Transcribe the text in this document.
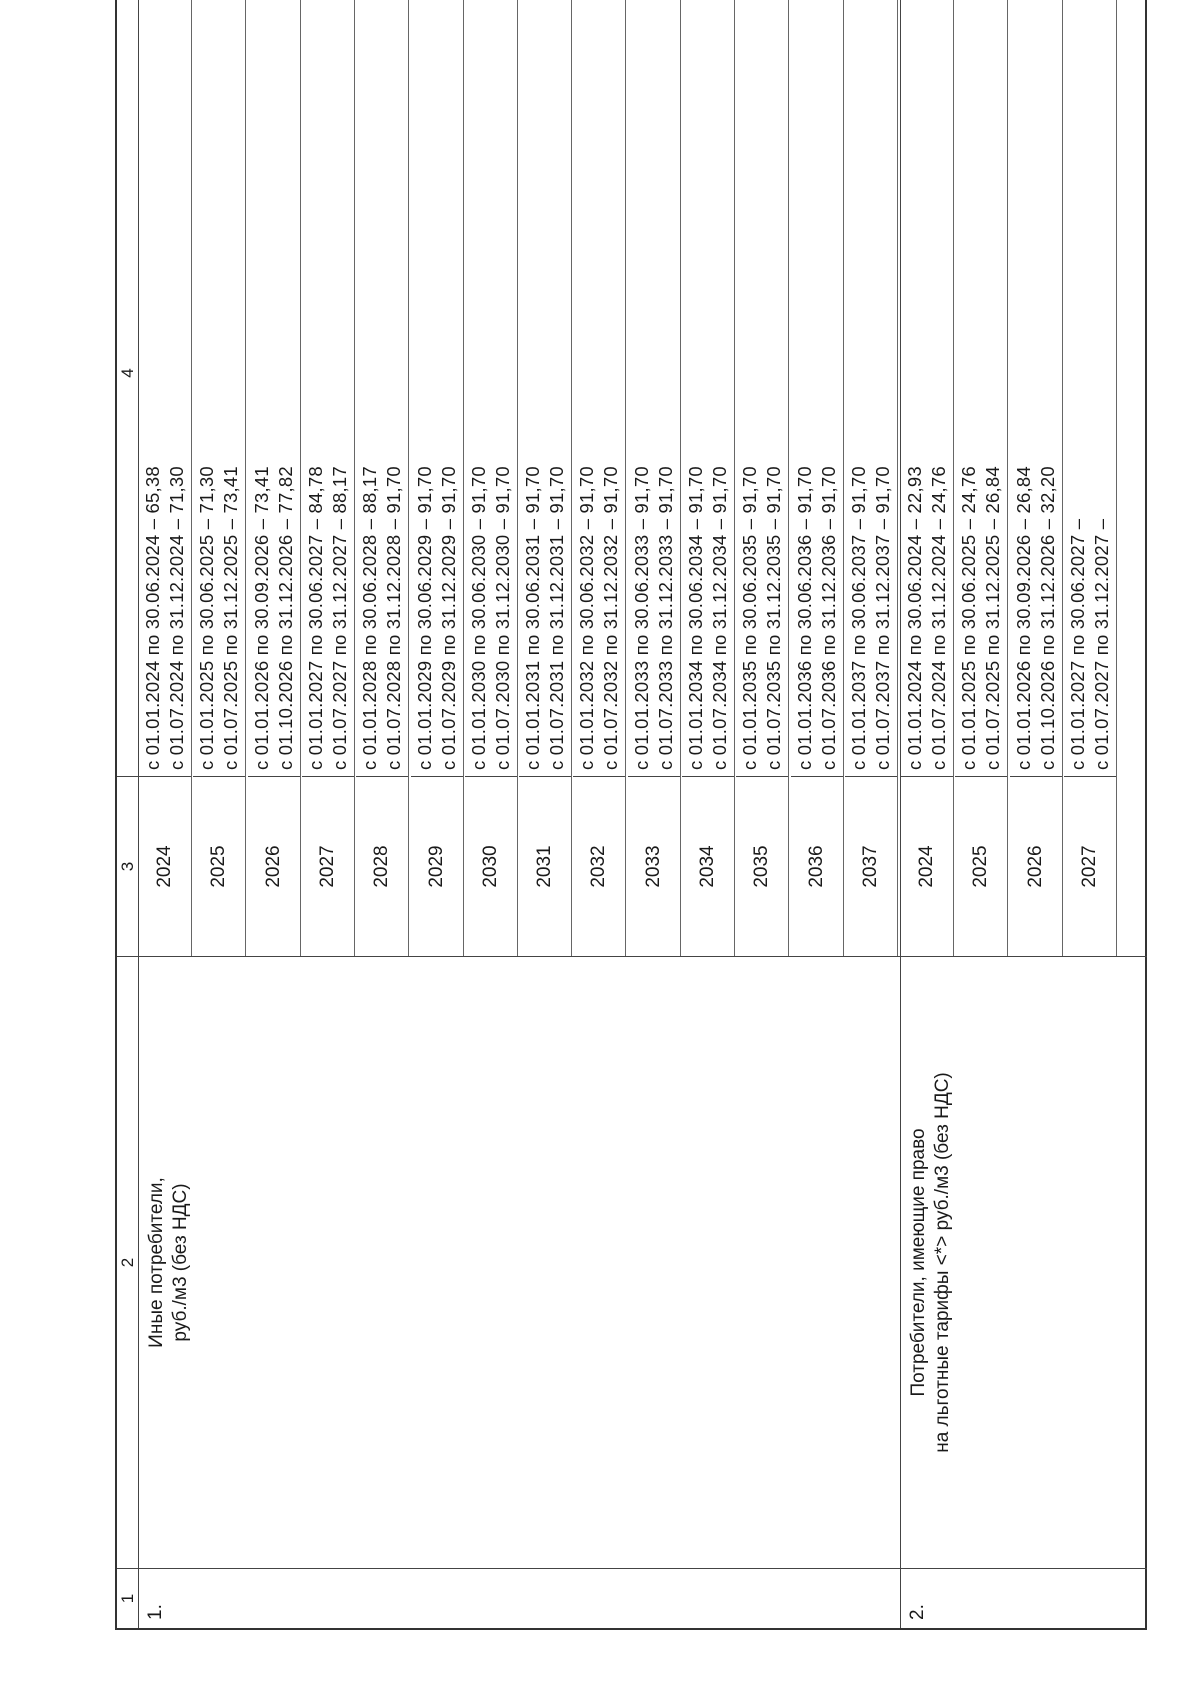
1
2
3
4
1.
Иные потребители,
руб./м3 (без НДС)
2024
с 01.01.2024 по 30.06.2024 – 65,38 с 01.07.2024 по 31.12.2024 – 71,30
2025
с 01.01.2025 по 30.06.2025 – 71,30 с 01.07.2025 по 31.12.2025 – 73,41
2026
с 01.01.2026 по 30.09.2026 – 73,41 с 01.10.2026 по 31.12.2026 – 77,82
2027
с 01.01.2027 по 30.06.2027 – 84,78 с 01.07.2027 по 31.12.2027 – 88,17
2028
с 01.01.2028 по 30.06.2028 – 88,17 с 01.07.2028 по 31.12.2028 – 91,70
2029
с 01.01.2029 по 30.06.2029 – 91,70 с 01.07.2029 по 31.12.2029 – 91,70
2030
с 01.01.2030 по 30.06.2030 – 91,70 с 01.07.2030 по 31.12.2030 – 91,70
2031
с 01.01.2031 по 30.06.2031 – 91,70 с 01.07.2031 по 31.12.2031 – 91,70
2032
с 01.01.2032 по 30.06.2032 – 91,70 с 01.07.2032 по 31.12.2032 – 91,70
2033
с 01.01.2033 по 30.06.2033 – 91,70 с 01.07.2033 по 31.12.2033 – 91,70
2034
с 01.01.2034 по 30.06.2034 – 91,70 с 01.07.2034 по 31.12.2034 – 91,70
2035
с 01.01.2035 по 30.06.2035 – 91,70 с 01.07.2035 по 31.12.2035 – 91,70
2036
с 01.01.2036 по 30.06.2036 – 91,70 с 01.07.2036 по 31.12.2036 – 91,70
2037
с 01.01.2037 по 30.06.2037 – 91,70 с 01.07.2037 по 31.12.2037 – 91,70
2.
Потребители, имеющие право
на льготные тарифы <*> руб./м3 (без НДС)
2024
с 01.01.2024 по 30.06.2024 – 22,93 с 01.07.2024 по 31.12.2024 – 24,76
2025
с 01.01.2025 по 30.06.2025 – 24,76 с 01.07.2025 по 31.12.2025 – 26,84
2026
с 01.01.2026 по 30.09.2026 – 26,84 с 01.10.2026 по 31.12.2026 – 32,20
2027
с 01.01.2027 по 30.06.2027 – с 01.07.2027 по 31.12.2027 –
